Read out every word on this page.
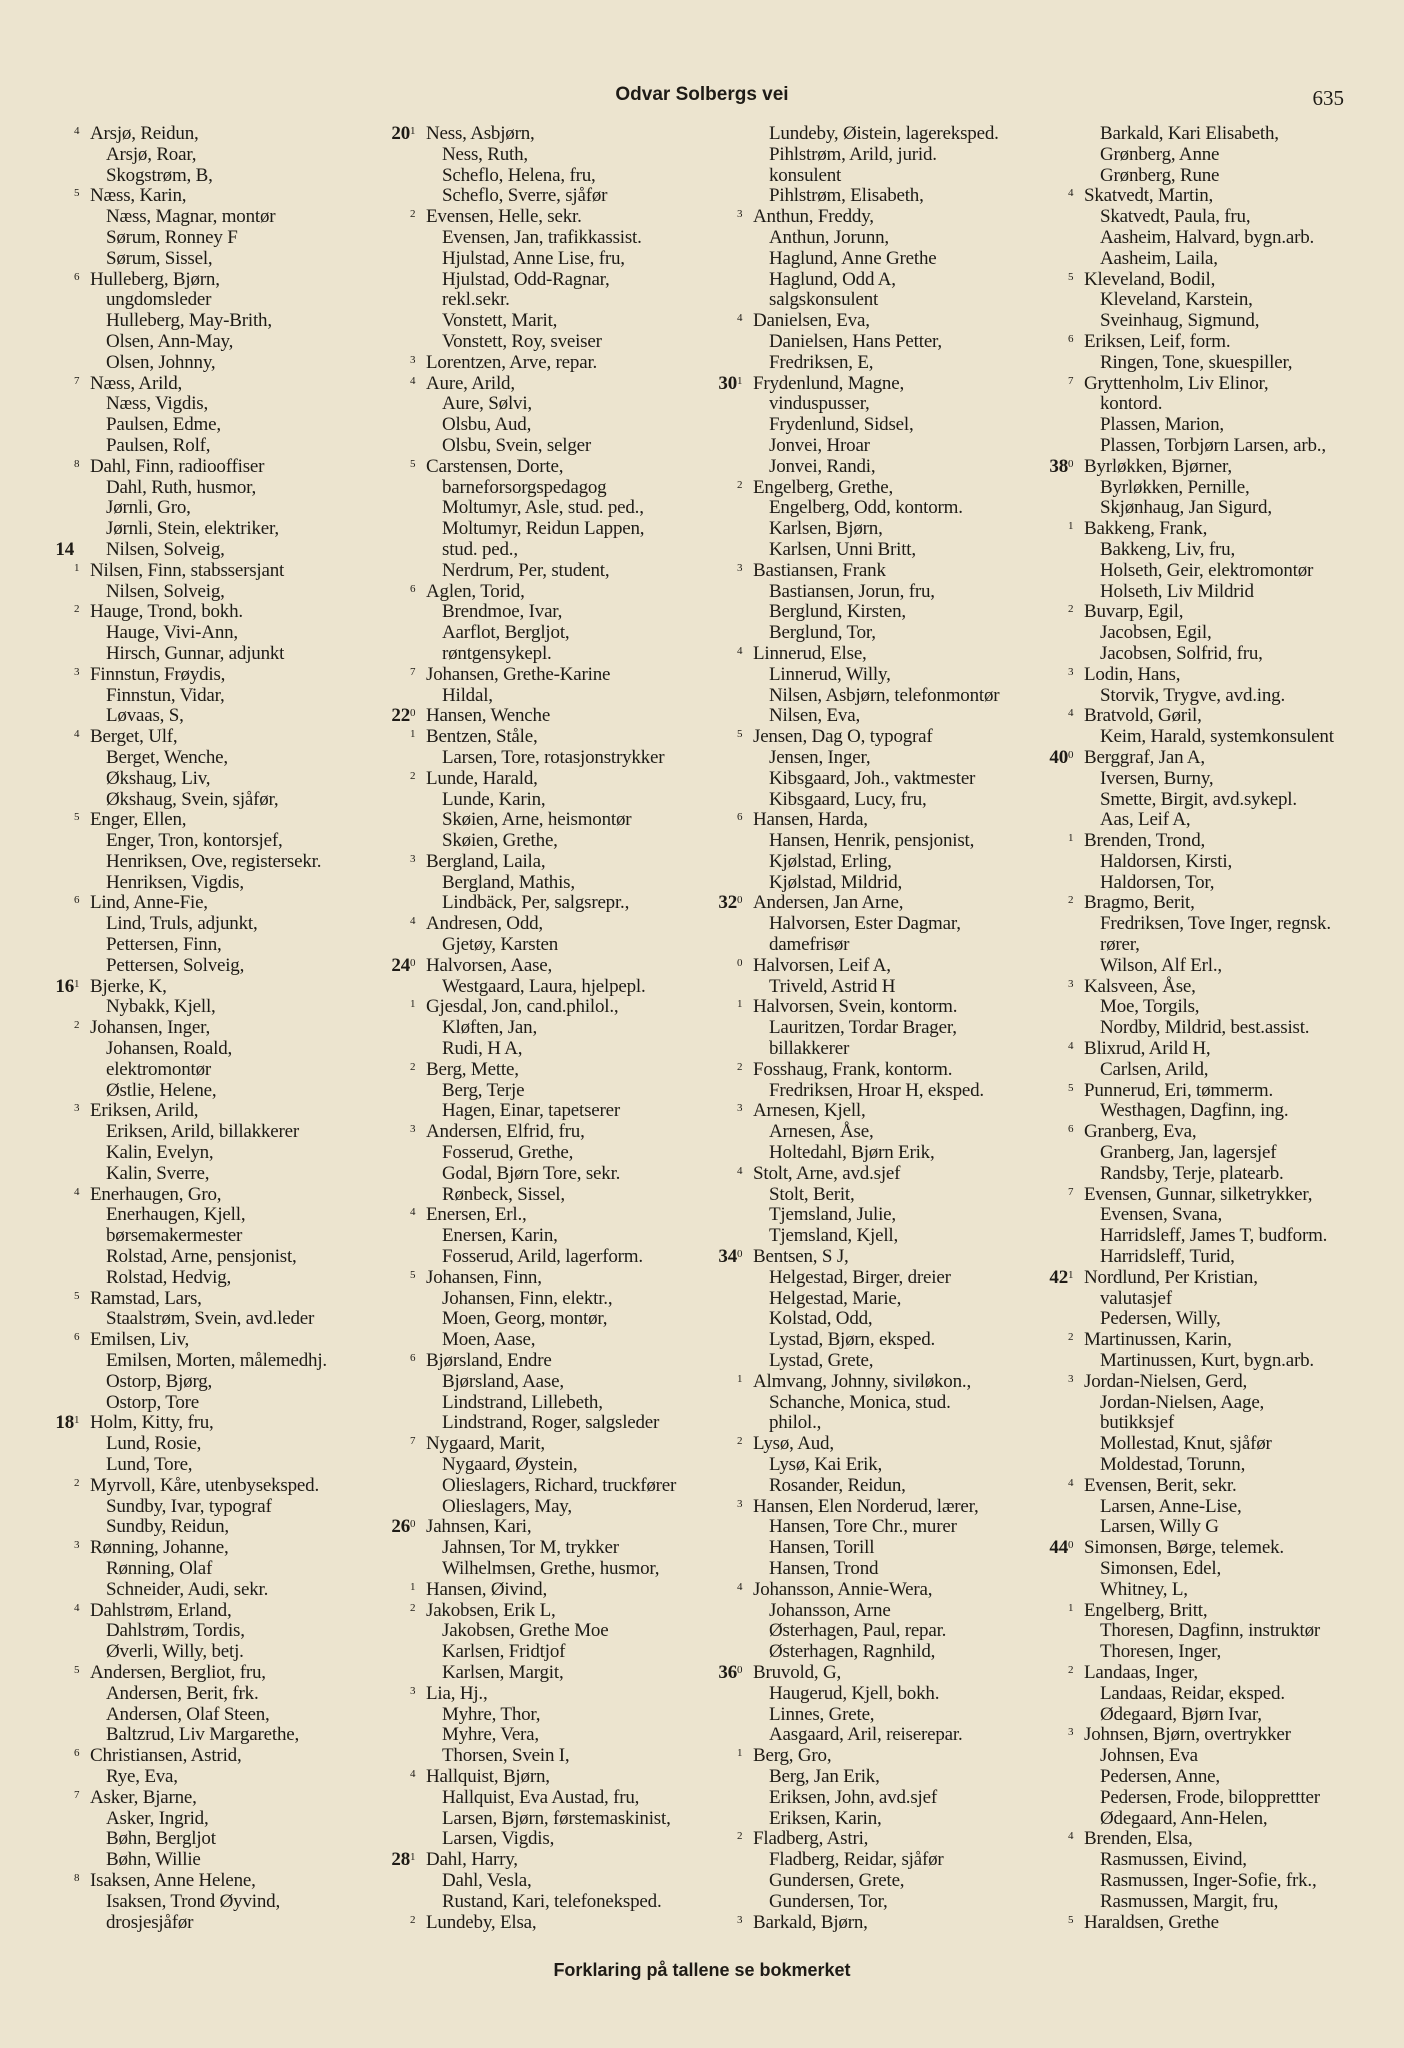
Odvar Solbergs vei	635
4 Arsjø, Reidun,
Arsjø, Roar,
Skogstrøm, B,
5 Næss, Karin,
Næss, Magnar, montør
Sørum, Ronney F
Sørum, Sissel,
6 Hulleberg, Bjørn,
ungdomsleder
Hulleberg, May-Brith,
Olsen, Ann-May,
Olsen, Johnny,
7 Næss, Arild,
Næss, Vigdis,
Paulsen, Edme,
Paulsen, Rolf,
8 Dahl, Finn, radiooffiser
Dahl, Ruth, husmor,
Jørnli, Gro,
Jørnli, Stein, elektriker,
14 Nilsen, Solveig,
1 Nilsen, Finn, stabssersjant
Nilsen, Solveig,
2 Hauge, Trond, bokh.
Hauge, Vivi-Ann,
Hirsch, Gunnar, adjunkt
3 Finnstun, Frøydis,
Finnstun, Vidar,
Løvaas, S,
4 Berget, Ulf,
Berget, Wenche,
Økshaug, Liv,
Økshaug, Svein, sjåfør,
5 Enger, Ellen,
Enger, Tron, kontorsjef,
Henriksen, Ove, registersekr.
Henriksen, Vigdis,
6 Lind, Anne-Fie,
Lind, Truls, adjunkt,
Pettersen, Finn,
Pettersen, Solveig,
161 Bjerke, K,
Nybakk, Kjell,
2 Johansen, Inger,
Johansen, Roald,
elektromontør
Østlie, Helene,
3 Eriksen, Arild,
Eriksen, Arild, billakkerer
Kalin, Evelyn,
Kalin, Sverre,
4 Enerhaugen, Gro,
Enerhaugen, Kjell,
børsemakermester
Rolstad, Arne, pensjonist,
Rolstad, Hedvig,
5 Ramstad, Lars,
Staalstrøm, Svein, avd.leder
6 Emilsen, Liv,
Emilsen, Morten, målemedhj.
Ostorp, Bjørg,
Ostorp, Tore
181 Holm, Kitty, fru,
Lund, Rosie,
Lund, Tore,
2 Myrvoll, Kåre, utenbyseksped.
Sundby, Ivar, typograf
Sundby, Reidun,
3 Rønning, Johanne,
Rønning, Olaf
Schneider, Audi, sekr.
4 Dahlstrøm, Erland,
Dahlstrøm, Tordis,
Øverli, Willy, betj.
5 Andersen, Bergliot, fru,
Andersen, Berit, frk.
Andersen, Olaf Steen,
Baltzrud, Liv Margarethe,
6 Christiansen, Astrid,
Rye, Eva,
7 Asker, Bjarne,
Asker, Ingrid,
Bøhn, Bergljot
Bøhn, Willie
8 Isaksen, Anne Helene,
Isaksen, Trond Øyvind,
drosjesjåfør
201 Ness, Asbjørn,
Ness, Ruth,
Scheflo, Helena, fru,
Scheflo, Sverre, sjåfør
2 Evensen, Helle, sekr.
Evensen, Jan, trafikkassist.
Hjulstad, Anne Lise, fru,
Hjulstad, Odd-Ragnar,
rekl.sekr.
Vonstett, Marit,
Vonstett, Roy, sveiser
3 Lorentzen, Arve, repar.
4 Aure, Arild,
Aure, Sølvi,
Olsbu, Aud,
Olsbu, Svein, selger
5 Carstensen, Dorte,
barneforsorgspedagog
Moltumyr, Asle, stud. ped.,
Moltumyr, Reidun Lappen,
stud. ped.,
Nerdrum, Per, student,
6 Aglen, Torid,
Brendmoe, Ivar,
Aarflot, Bergljot,
røntgensykepl.
7 Johansen, Grethe-Karine
Hildal,
220 Hansen, Wenche
1 Bentzen, Ståle,
Larsen, Tore, rotasjonstrykker
2 Lunde, Harald,
Lunde, Karin,
Skøien, Arne, heismontør
Skøien, Grethe,
3 Bergland, Laila,
Bergland, Mathis,
Lindbäck, Per, salgsrepr.,
4 Andresen, Odd,
Gjetøy, Karsten
240 Halvorsen, Aase,
Westgaard, Laura, hjelpepl.
1 Gjesdal, Jon, cand.philol.,
Kløften, Jan,
Rudi, H A,
2 Berg, Mette,
Berg, Terje
Hagen, Einar, tapetserer
3 Andersen, Elfrid, fru,
Fosserud, Grethe,
Godal, Bjørn Tore, sekr.
Rønbeck, Sissel,
4 Enersen, Erl.,
Enersen, Karin,
Fosserud, Arild, lagerform.
5 Johansen, Finn,
Johansen, Finn, elektr.,
Moen, Georg, montør,
Moen, Aase,
6 Bjørsland, Endre
Bjørsland, Aase,
Lindstrand, Lillebeth,
Lindstrand, Roger, salgsleder
7 Nygaard, Marit,
Nygaard, Øystein,
Olieslagers, Richard, truckfører
Olieslagers, May,
260 Jahnsen, Kari,
Jahnsen, Tor M, trykker
Wilhelmsen, Grethe, husmor,
1 Hansen, Øivind,
2 Jakobsen, Erik L,
Jakobsen, Grethe Moe
Karlsen, Fridtjof
Karlsen, Margit,
3 Lia, Hj.,
Myhre, Thor,
Myhre, Vera,
Thorsen, Svein I,
4 Hallquist, Bjørn,
Hallquist, Eva Austad, fru,
Larsen, Bjørn, førstemaskinist,
Larsen, Vigdis,
281 Dahl, Harry,
Dahl, Vesla,
Rustand, Kari, telefoneksped.
2 Lundeby, Elsa,
Lundeby, Øistein, lagereksped.
Pihlstrøm, Arild, jurid.
konsulent
Pihlstrøm, Elisabeth,
3 Anthun, Freddy,
Anthun, Jorunn,
Haglund, Anne Grethe
Haglund, Odd A,
salgskonsulent
4 Danielsen, Eva,
Danielsen, Hans Petter,
Fredriksen, E,
301 Frydenlund, Magne,
vinduspusser,
Frydenlund, Sidsel,
Jonvei, Hroar
Jonvei, Randi,
2 Engelberg, Grethe,
Engelberg, Odd, kontorm.
Karlsen, Bjørn,
Karlsen, Unni Britt,
3 Bastiansen, Frank
Bastiansen, Jorun, fru,
Berglund, Kirsten,
Berglund, Tor,
4 Linnerud, Else,
Linnerud, Willy,
Nilsen, Asbjørn, telefonmontør
Nilsen, Eva,
5 Jensen, Dag O, typograf
Jensen, Inger,
Kibsgaard, Joh., vaktmester
Kibsgaard, Lucy, fru,
6 Hansen, Harda,
Hansen, Henrik, pensjonist,
Kjølstad, Erling,
Kjølstad, Mildrid,
320 Andersen, Jan Arne,
Halvorsen, Ester Dagmar,
damefrisør
0 Halvorsen, Leif A,
Triveld, Astrid H
1 Halvorsen, Svein, kontorm.
Lauritzen, Tordar Brager,
billakkerer
2 Fosshaug, Frank, kontorm.
Fredriksen, Hroar H, eksped.
3 Arnesen, Kjell,
Arnesen, Åse,
Holtedahl, Bjørn Erik,
4 Stolt, Arne, avd.sjef
Stolt, Berit,
Tjemsland, Julie,
Tjemsland, Kjell,
340 Bentsen, S J,
Helgestad, Birger, dreier
Helgestad, Marie,
Kolstad, Odd,
Lystad, Bjørn, eksped.
Lystad, Grete,
1 Almvang, Johnny, siviløkon.,
Schanche, Monica, stud.
philol.,
2 Lysø, Aud,
Lysø, Kai Erik,
Rosander, Reidun,
3 Hansen, Elen Norderud, lærer,
Hansen, Tore Chr., murer
Hansen, Torill
Hansen, Trond
4 Johansson, Annie-Wera,
Johansson, Arne
Østerhagen, Paul, repar.
Østerhagen, Ragnhild,
360 Bruvold, G,
Haugerud, Kjell, bokh.
Linnes, Grete,
Aasgaard, Aril, reiserepar.
1 Berg, Gro,
Berg, Jan Erik,
Eriksen, John, avd.sjef
Eriksen, Karin,
2 Fladberg, Astri,
Fladberg, Reidar, sjåfør
Gundersen, Grete,
Gundersen, Tor,
3 Barkald, Bjørn,
Barkald, Kari Elisabeth,
Grønberg, Anne
Grønberg, Rune
4 Skatvedt, Martin,
Skatvedt, Paula, fru,
Aasheim, Halvard, bygn.arb.
Aasheim, Laila,
5 Kleveland, Bodil,
Kleveland, Karstein,
Sveinhaug, Sigmund,
6 Eriksen, Leif, form.
Ringen, Tone, skuespiller,
7 Gryttenholm, Liv Elinor,
kontord.
Plassen, Marion,
Plassen, Torbjørn Larsen, arb.,
380 Byrløkken, Bjørner,
Byrløkken, Pernille,
Skjønhaug, Jan Sigurd,
1 Bakkeng, Frank,
Bakkeng, Liv, fru,
Holseth, Geir, elektromontør
Holseth, Liv Mildrid
2 Buvarp, Egil,
Jacobsen, Egil,
Jacobsen, Solfrid, fru,
3 Lodin, Hans,
Storvik, Trygve, avd.ing.
4 Bratvold, Gøril,
Keim, Harald, systemkonsulent
400 Berggraf, Jan A,
Iversen, Burny,
Smette, Birgit, avd.sykepl.
Aas, Leif A,
1 Brenden, Trond,
Haldorsen, Kirsti,
Haldorsen, Tor,
2 Bragmo, Berit,
Fredriksen, Tove Inger, regnsk.
rører,
Wilson, Alf Erl.,
3 Kalsveen, Åse,
Moe, Torgils,
Nordby, Mildrid, best.assist.
4 Blixrud, Arild H,
Carlsen, Arild,
5 Punnerud, Eri, tømmerm.
Westhagen, Dagfinn, ing.
6 Granberg, Eva,
Granberg, Jan, lagersjef
Randsby, Terje, platearb.
7 Evensen, Gunnar, silketrykker,
Evensen, Svana,
Harridsleff, James T, budform.
Harridsleff, Turid,
421 Nordlund, Per Kristian,
valutasjef
Pedersen, Willy,
2 Martinussen, Karin,
Martinussen, Kurt, bygn.arb.
3 Jordan-Nielsen, Gerd,
Jordan-Nielsen, Aage,
butikksjef
Mollestad, Knut, sjåfør
Moldestad, Torunn,
4 Evensen, Berit, sekr.
Larsen, Anne-Lise,
Larsen, Willy G
440 Simonsen, Børge, telemek.
Simonsen, Edel,
Whitney, L,
1 Engelberg, Britt,
Thoresen, Dagfinn, instruktør
Thoresen, Inger,
2 Landaas, Inger,
Landaas, Reidar, eksped.
Ødegaard, Bjørn Ivar,
3 Johnsen, Bjørn, overtrykker
Johnsen, Eva
Pedersen, Anne,
Pedersen, Frode, bilopprettter
Ødegaard, Ann-Helen,
4 Brenden, Elsa,
Rasmussen, Eivind,
Rasmussen, Inger-Sofie, frk.,
Rasmussen, Margit, fru,
5 Haraldsen, Grethe
Forklaring på tallene se bokmerket
